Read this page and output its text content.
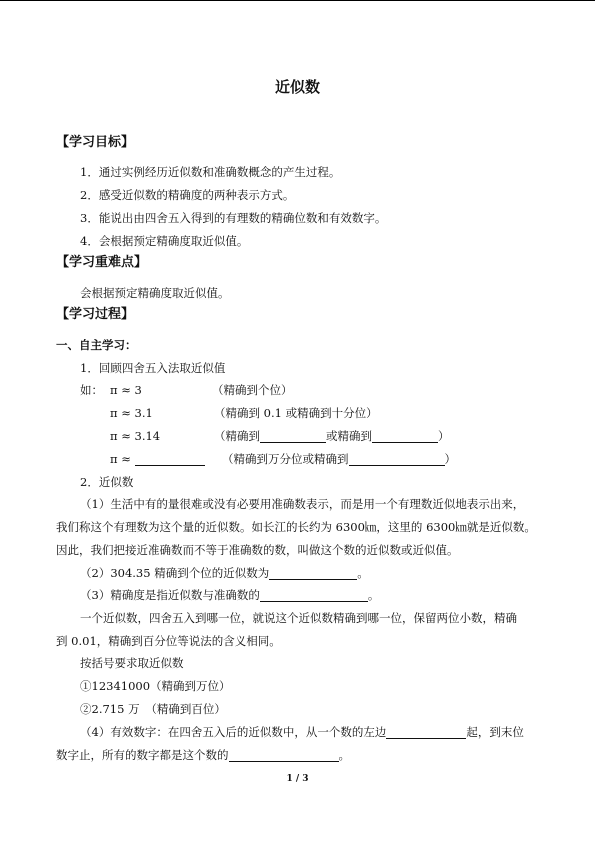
近似数
【学习目标】
1．通过实例经历近似数和准确数概念的产生过程。
2．感受近似数的精确度的两种表示方式。
3．能说出由四舍五入得到的有理数的精确位数和有效数字。
4．会根据预定精确度取近似值。
【学习重难点】
会根据预定精确度取近似值。
【学习过程】
一、自主学习：
1．回顾四舍五入法取近似值
如： π ≈ 3	（精确到个位）
π ≈ 3.1	（精确到 0.1 或精确到十分位）
π ≈ 3.14	（精确到	或精确到	）
π ≈	（精确到万分位或精确到	）
2．近似数
（1）生活中有的量很难或没有必要用准确数表示，而是用一个有理数近似地表示出来，
我们称这个有理数为这个量的近似数。如长江的长约为 6300㎞，这里的 6300㎞就是近似数。
因此，我们把接近准确数而不等于准确数的数，叫做这个数的近似数或近似值。
（2）304.35 精确到个位的近似数为	。
（3）精确度是指近似数与准确数的	。
一个近似数，四舍五入到哪一位，就说这个近似数精确到哪一位，保留两位小数，精确
到 0.01，精确到百分位等说法的含义相同。
按括号要求取近似数
①12341000（精确到万位）
②2.715 万　（精确到百位）
（4）有效数字：在四舍五入后的近似数中，从一个数的左边	起，到末位
数字止，所有的数字都是这个数的	。
1 / 3
